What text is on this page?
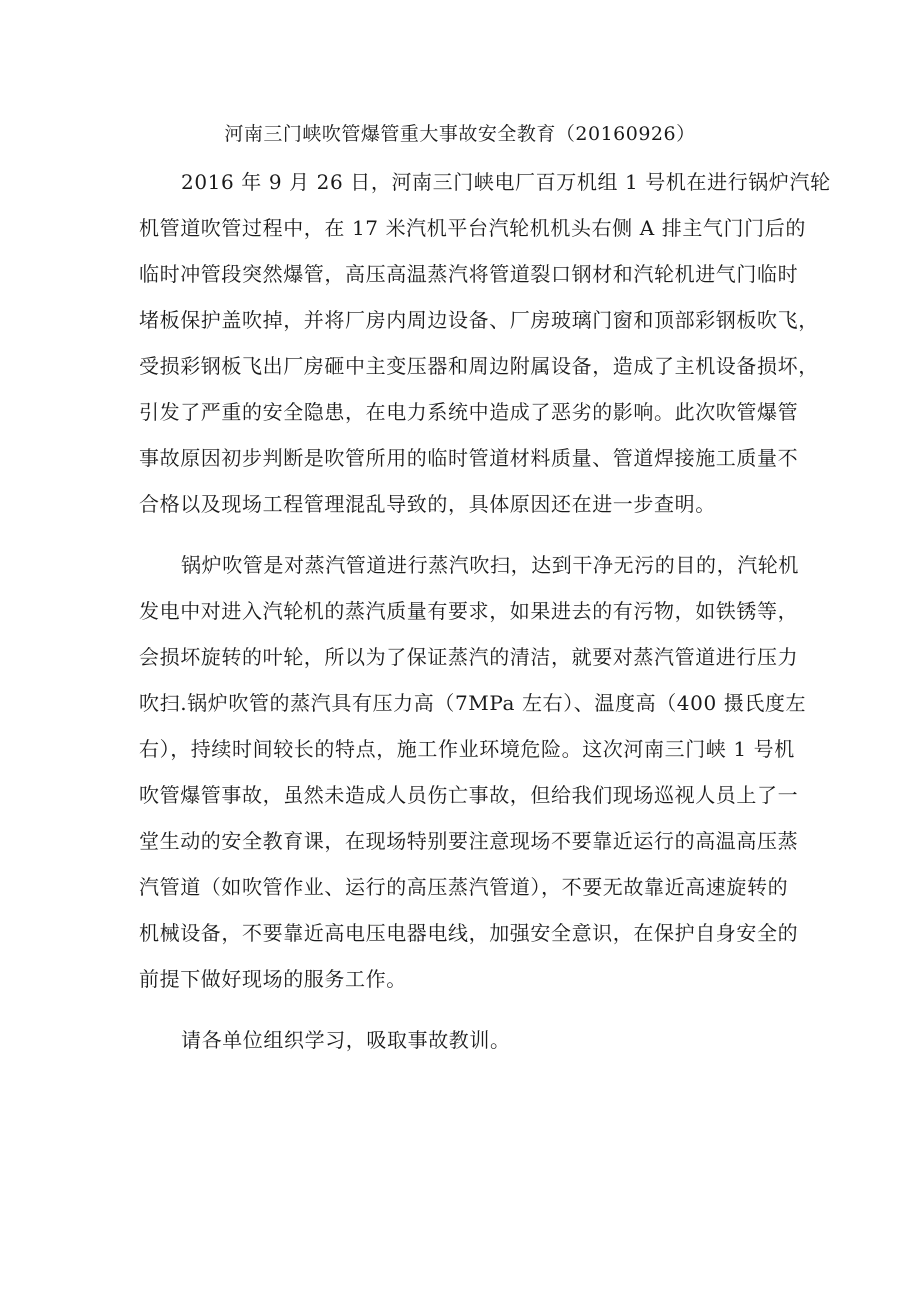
河南三门峡吹管爆管重大事故安全教育（20160926）
2016 年 9 月 26 日，河南三门峡电厂百万机组 1 号机在进行锅炉汽轮
机管道吹管过程中，在 17 米汽机平台汽轮机机头右侧 A 排主气门门后的
临时冲管段突然爆管，高压高温蒸汽将管道裂口钢材和汽轮机进气门临时
堵板保护盖吹掉，并将厂房内周边设备、厂房玻璃门窗和顶部彩钢板吹飞，
受损彩钢板飞出厂房砸中主变压器和周边附属设备，造成了主机设备损坏，
引发了严重的安全隐患，在电力系统中造成了恶劣的影响。此次吹管爆管
事故原因初步判断是吹管所用的临时管道材料质量、管道焊接施工质量不
合格以及现场工程管理混乱导致的，具体原因还在进一步查明。
锅炉吹管是对蒸汽管道进行蒸汽吹扫，达到干净无污的目的，汽轮机
发电中对进入汽轮机的蒸汽质量有要求，如果进去的有污物，如铁锈等，
会损坏旋转的叶轮，所以为了保证蒸汽的清洁，就要对蒸汽管道进行压力
吹扫.锅炉吹管的蒸汽具有压力高（7MPa 左右）、温度高（400 摄氏度左
右），持续时间较长的特点，施工作业环境危险。这次河南三门峡 1 号机
吹管爆管事故，虽然未造成人员伤亡事故，但给我们现场巡视人员上了一
堂生动的安全教育课，在现场特别要注意现场不要靠近运行的高温高压蒸
汽管道（如吹管作业、运行的高压蒸汽管道），不要无故靠近高速旋转的
机械设备，不要靠近高电压电器电线，加强安全意识，在保护自身安全的
前提下做好现场的服务工作。
请各单位组织学习，吸取事故教训。
